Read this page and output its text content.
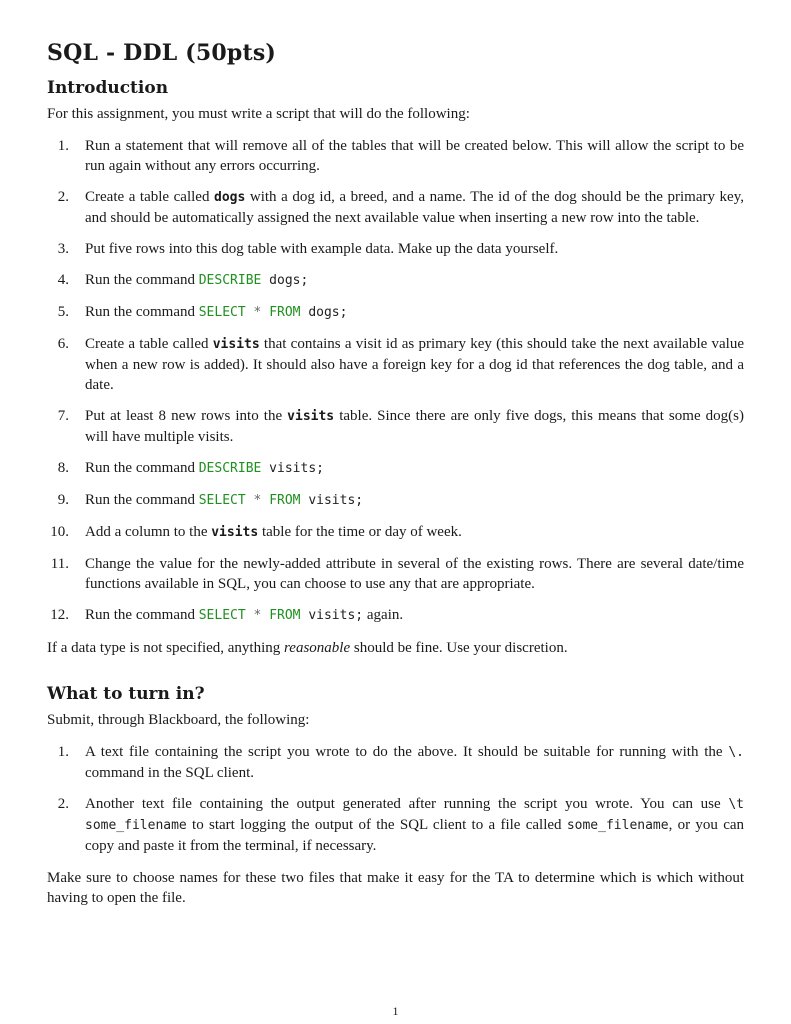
SQL - DDL (50pts)
Introduction

For this assignment, you must write a script that will do the following:

1. Run a statement that will remove all of the tables that will be created below. This will allow the script to be run again without any errors occurring.
2. Create a table called dogs with a dog id, a breed, and a name. The id of the dog should be the primary key, and should be automatically assigned the next available value when inserting a new row into the table.
3. Put five rows into this dog table with example data. Make up the data yourself.
4. Run the command DESCRIBE dogs;
5. Run the command SELECT * FROM dogs;
6. Create a table called visits that contains a visit id as primary key (this should take the next available value when a new row is added). It should also have a foreign key for a dog id that references the dog table, and a date.
7. Put at least 8 new rows into the visits table. Since there are only five dogs, this means that some dog(s) will have multiple visits.
8. Run the command DESCRIBE visits;
9. Run the command SELECT * FROM visits;
10. Add a column to the visits table for the time or day of week.
11. Change the value for the newly-added attribute in several of the existing rows. There are several date/time functions available in SQL, you can choose to use any that are appropriate.
12. Run the command SELECT * FROM visits; again.

If a data type is not specified, anything reasonable should be fine. Use your discretion.

What to turn in?

Submit, through Blackboard, the following:

1. A text file containing the script you wrote to do the above. It should be suitable for running with the \. command in the SQL client.
2. Another text file containing the output generated after running the script you wrote. You can use \t some_filename to start logging the output of the SQL client to a file called some_filename, or you can copy and paste it from the terminal, if necessary.

Make sure to choose names for these two files that make it easy for the TA to determine which is which without having to open the file.

1
